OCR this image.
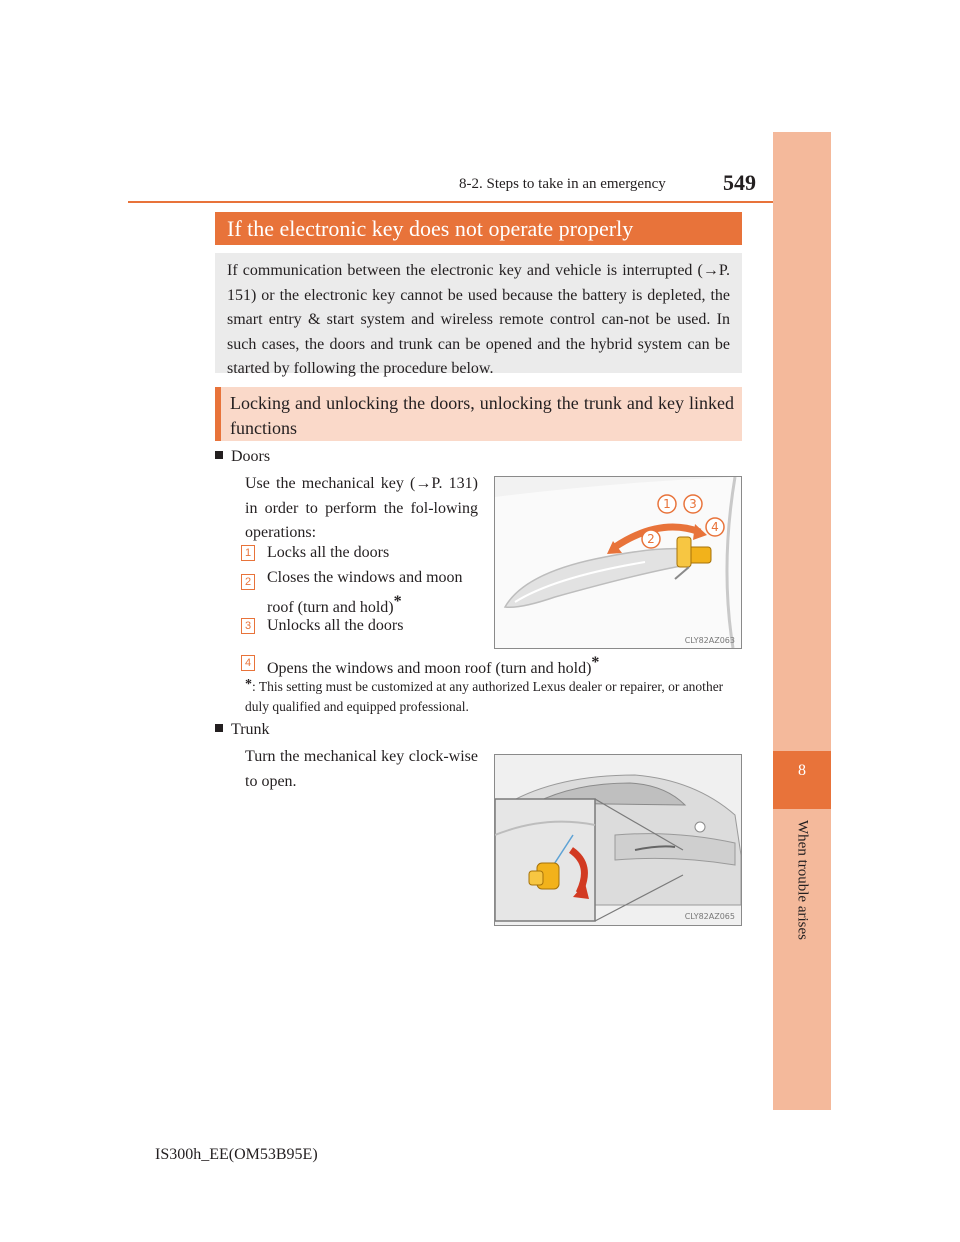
8
When trouble arises
8-2. Steps to take in an emergency	549
If the electronic key does not operate properly
If communication between the electronic key and vehicle is interrupted (→P. 151) or the electronic key cannot be used because the battery is depleted, the smart entry & start system and wireless remote control can-not be used. In such cases, the doors and trunk can be opened and the hybrid system can be started by following the procedure below.
Locking and unlocking the doors, unlocking the trunk and key linked functions
Doors
Use the mechanical key (→P. 131) in order to perform the fol-lowing operations:
1 Locks all the doors
2 Closes the windows and moon roof (turn and hold)*
3 Unlocks all the doors
4 Opens the windows and moon roof (turn and hold)*
*: This setting must be customized at any authorized Lexus dealer or repairer, or another duly qualified and equipped professional.
1 3
2
4
CLY82AZ063
Trunk
Turn the mechanical key clock-wise to open.
CLY82AZ065
IS300h_EE(OM53B95E)
